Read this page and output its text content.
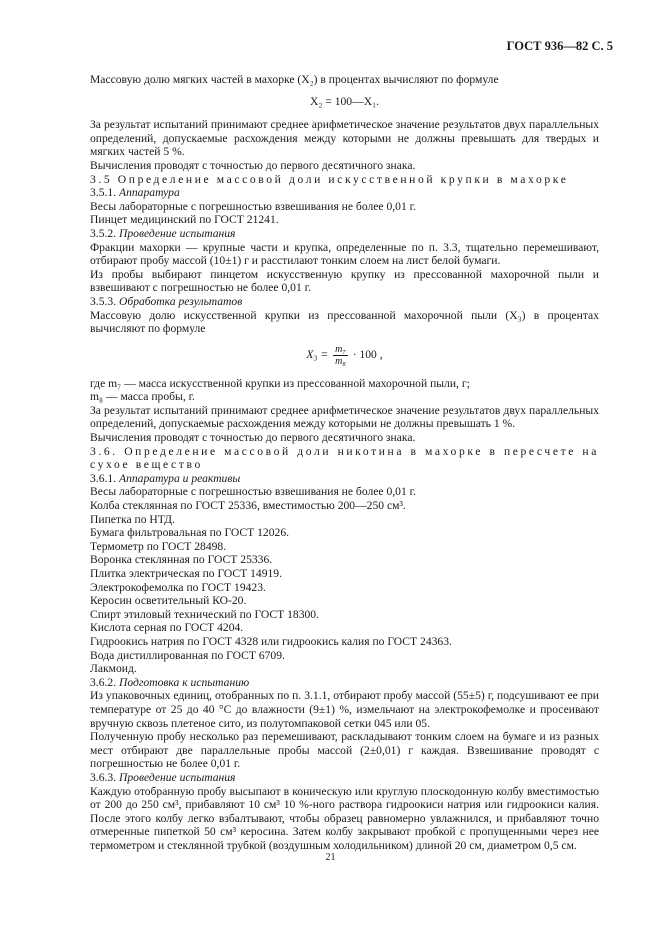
ГОСТ 936—82 С. 5

Массовую долю мягких частей в махорке (X₂) в процентах вычисляют по формуле

X₂ = 100—X₁.

За результат испытаний принимают среднее арифметическое значение результатов двух параллельных определений, допускаемые расхождения между которыми не должны превышать для твердых и мягких частей 5 %.

Вычисления проводят с точностью до первого десятичного знака.

3.5 Определение массовой доли искусственной крупки в махорке

3.5.1. Аппаратура

Весы лабораторные с погрешностью взвешивания не более 0,01 г.

Пинцет медицинский по ГОСТ 21241.

3.5.2. Проведение испытания

Фракции махорки — крупные части и крупка, определенные по п. 3.3, тщательно перемешивают, отбирают пробу массой (10±1) г и расстилают тонким слоем на лист белой бумаги.

Из пробы выбирают пинцетом искусственную крупку из прессованной махорочной пыли и взвешивают с погрешностью не более 0,01 г.

3.5.3. Обработка результатов

Массовую долю искусственной крупки из прессованной махорочной пыли (X₃) в процентах вычисляют по формуле

$X_3 = \frac{\text{m₇}}{\text{m₈}} \cdot 100$ ,

где m₇ — масса искусственной крупки из прессованной махорочной пыли, г;

m₈ — масса пробы, г.

За результат испытаний принимают среднее арифметическое значение результатов двух параллельных определений, допускаемые расхождения между которыми не должны превышать 1 %.

Вычисления проводят с точностью до первого десятичного знака.

3.6. Определение массовой доли никотина в махорке в пересчете на сухое вещество

3.6.1. Аппаратура и реактивы

Весы лабораторные с погрешностью взвешивания не более 0,01 г.

Колба стеклянная по ГОСТ 25336, вместимостью 200—250 см³.

Пипетка по НТД.

Бумага фильтровальная по ГОСТ 12026.

Термометр по ГОСТ 28498.

Воронка стеклянная по ГОСТ 25336.

Плитка электрическая по ГОСТ 14919.

Электрокофемолка по ГОСТ 19423.

Керосин осветительный КО-20.

Спирт этиловый технический по ГОСТ 18300.

Кислота серная по ГОСТ 4204.

Гидроокись натрия по ГОСТ 4328 или гидроокись калия по ГОСТ 24363.

Вода дистиллированная по ГОСТ 6709.

Лакмоид.

3.6.2. Подготовка к испытанию

Из упаковочных единиц, отобранных по п. 3.1.1, отбирают пробу массой (55±5) г, подсушивают ее при температуре от 25 до 40 °С до влажности (9±1) %, измельчают на электрокофемолке и просеивают вручную сквозь плетеное сито, из полутомпаковой сетки 045 или 05.

Полученную пробу несколько раз перемешивают, раскладывают тонким слоем на бумаге и из разных мест отбирают две параллельные пробы массой (2±0,01) г каждая. Взвешивание проводят с погрешностью не более 0,01 г.

3.6.3. Проведение испытания

Каждую отобранную пробу высыпают в коническую или круглую плоскодонную колбу вместимостью от 200 до 250 см³, прибавляют 10 см³ 10 %-ного раствора гидроокиси натрия или гидроокиси калия. После этого колбу легко взбалтывают, чтобы образец равномерно увлажнился, и прибавляют точно отмеренные пипеткой 50 см³ керосина. Затем колбу закрывают пробкой с пропущенными через нее термометром и стеклянной трубкой (воздушным холодильником) длиной 20 см, диаметром 0,5 см.

21
